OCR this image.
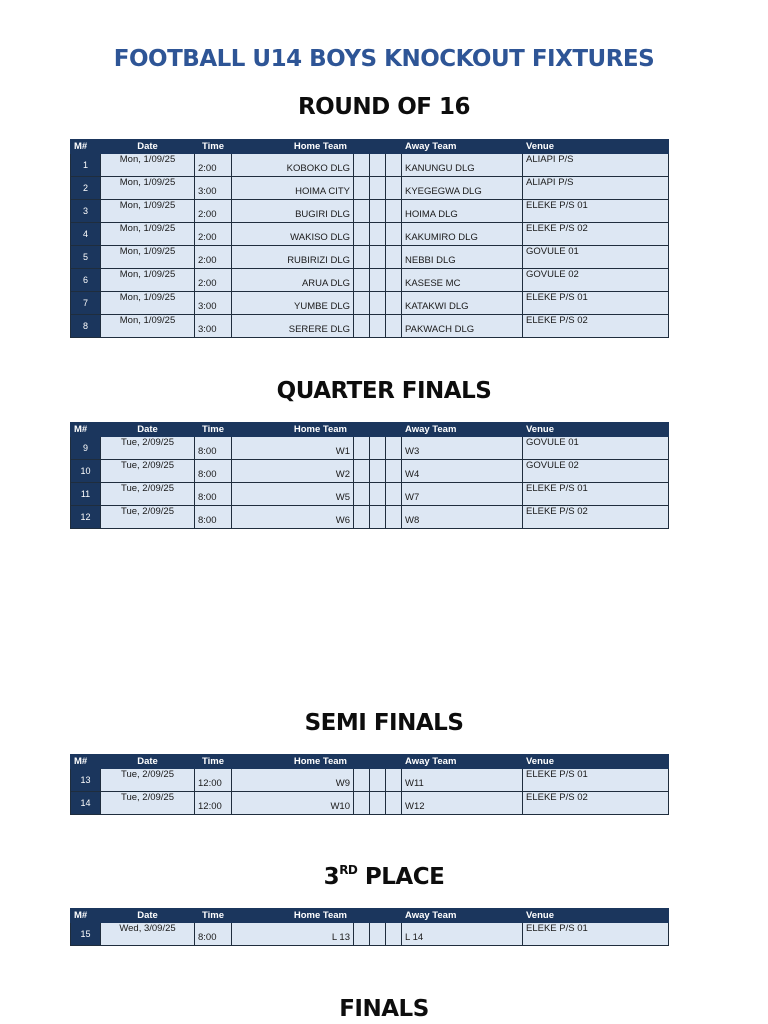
FOOTBALL U14 BOYS KNOCKOUT FIXTURES
ROUND OF 16
M#	Date	Time	Home Team				Away Team	Venue
1	Mon, 1/09/25	2:00	KOBOKO DLG				KANUNGU DLG	ALIAPI P/S
2	Mon, 1/09/25	3:00	HOIMA CITY				KYEGEGWA DLG	ALIAPI P/S
3	Mon, 1/09/25	2:00	BUGIRI DLG				HOIMA DLG	ELEKE P/S 01
4	Mon, 1/09/25	2:00	WAKISO DLG				KAKUMIRO DLG	ELEKE P/S 02
5	Mon, 1/09/25	2:00	RUBIRIZI DLG				NEBBI DLG	GOVULE 01
6	Mon, 1/09/25	2:00	ARUA DLG				KASESE MC	GOVULE 02
7	Mon, 1/09/25	3:00	YUMBE DLG				KATAKWI DLG	ELEKE P/S 01
8	Mon, 1/09/25	3:00	SERERE DLG				PAKWACH DLG	ELEKE P/S 02
QUARTER FINALS
M#	Date	Time	Home Team				Away Team	Venue
9	Tue, 2/09/25	8:00	W1				W3	GOVULE 01
10	Tue, 2/09/25	8:00	W2				W4	GOVULE 02
11	Tue, 2/09/25	8:00	W5				W7	ELEKE P/S 01
12	Tue, 2/09/25	8:00	W6				W8	ELEKE P/S 02
SEMI FINALS
M#	Date	Time	Home Team				Away Team	Venue
13	Tue, 2/09/25	12:00	W9				W11	ELEKE P/S 01
14	Tue, 2/09/25	12:00	W10				W12	ELEKE P/S 02
3RD PLACE
M#	Date	Time	Home Team				Away Team	Venue
15	Wed, 3/09/25	8:00	L 13				L 14	ELEKE P/S 01
FINALS
